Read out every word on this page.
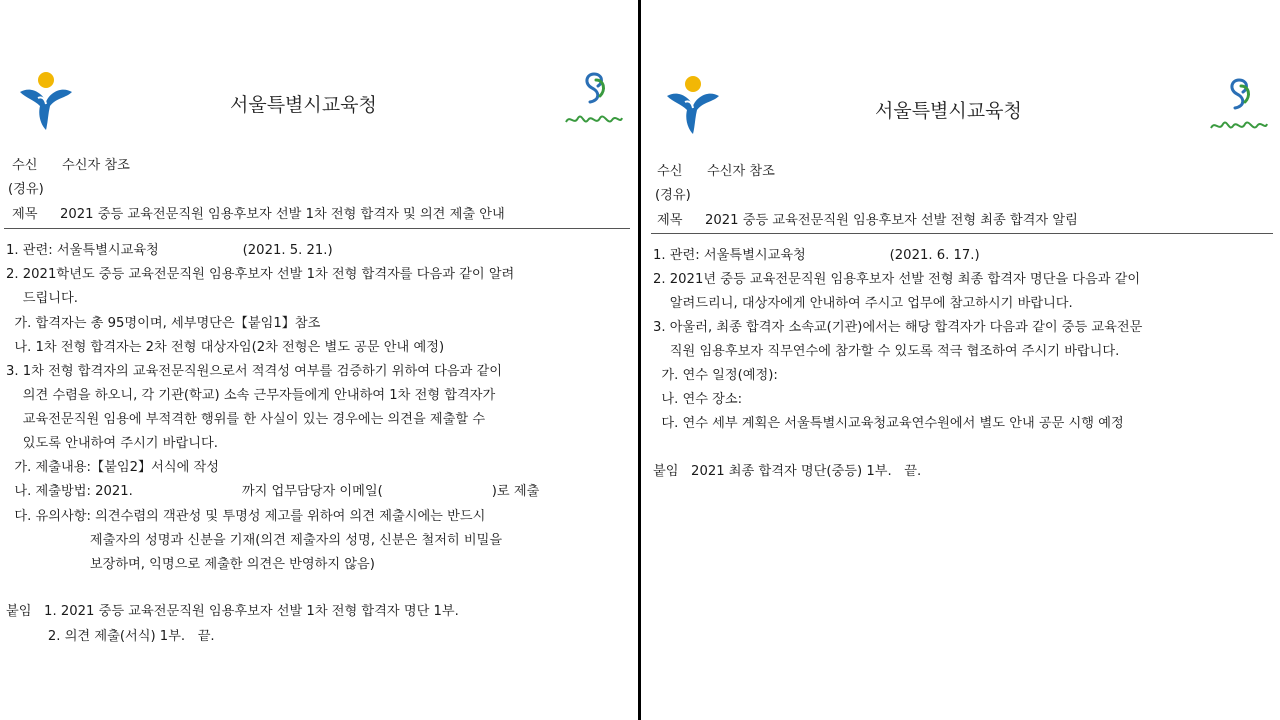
서울특별시교육청
수신 수신자 참조
(경유)
제목 2021 중등 교육전문직원 임용후보자 선발 1차 전형 합격자 및 의견 제출 안내
1. 관련: 서울특별시교육청                    (2021. 5. 21.)
2. 2021학년도 중등 교육전문직원 임용후보자 선발 1차 전형 합격자를 다음과 같이 알려
드립니다.
가. 합격자는 총 95명이며, 세부명단은【붙임1】참조
나. 1차 전형 합격자는 2차 전형 대상자임(2차 전형은 별도 공문 안내 예정)
3. 1차 전형 합격자의 교육전문직원으로서 적격성 여부를 검증하기 위하여 다음과 같이
의견 수렴을 하오니, 각 기관(학교) 소속 근무자들에게 안내하여 1차 전형 합격자가
교육전문직원 임용에 부적격한 행위를 한 사실이 있는 경우에는 의견을 제출할 수
있도록 안내하여 주시기 바랍니다.
가. 제출내용:【붙임2】서식에 작성
나. 제출방법: 2021.                          까지 업무담당자 이메일(                          )로 제출
다. 유의사항: 의견수렴의 객관성 및 투명성 제고를 위하여 의견 제출시에는 반드시
제출자의 성명과 신분을 기재(의견 제출자의 성명, 신분은 철저히 비밀을
보장하며, 익명으로 제출한 의견은 반영하지 않음)
붙임   1. 2021 중등 교육전문직원 임용후보자 선발 1차 전형 합격자 명단 1부.
2. 의견 제출(서식) 1부.   끝.
서울특별시교육청
수신 수신자 참조
(경유)
제목 2021 중등 교육전문직원 임용후보자 선발 전형 최종 합격자 알림
1. 관련: 서울특별시교육청                    (2021. 6. 17.)
2. 2021년 중등 교육전문직원 임용후보자 선발 전형 최종 합격자 명단을 다음과 같이
알려드리니, 대상자에게 안내하여 주시고 업무에 참고하시기 바랍니다.
3. 아울러, 최종 합격자 소속교(기관)에서는 해당 합격자가 다음과 같이 중등 교육전문
직원 임용후보자 직무연수에 참가할 수 있도록 적극 협조하여 주시기 바랍니다.
가. 연수 일정(예정):
나. 연수 장소:
다. 연수 세부 계획은 서울특별시교육청교육연수원에서 별도 안내 공문 시행 예정
붙임   2021 최종 합격자 명단(중등) 1부.   끝.
